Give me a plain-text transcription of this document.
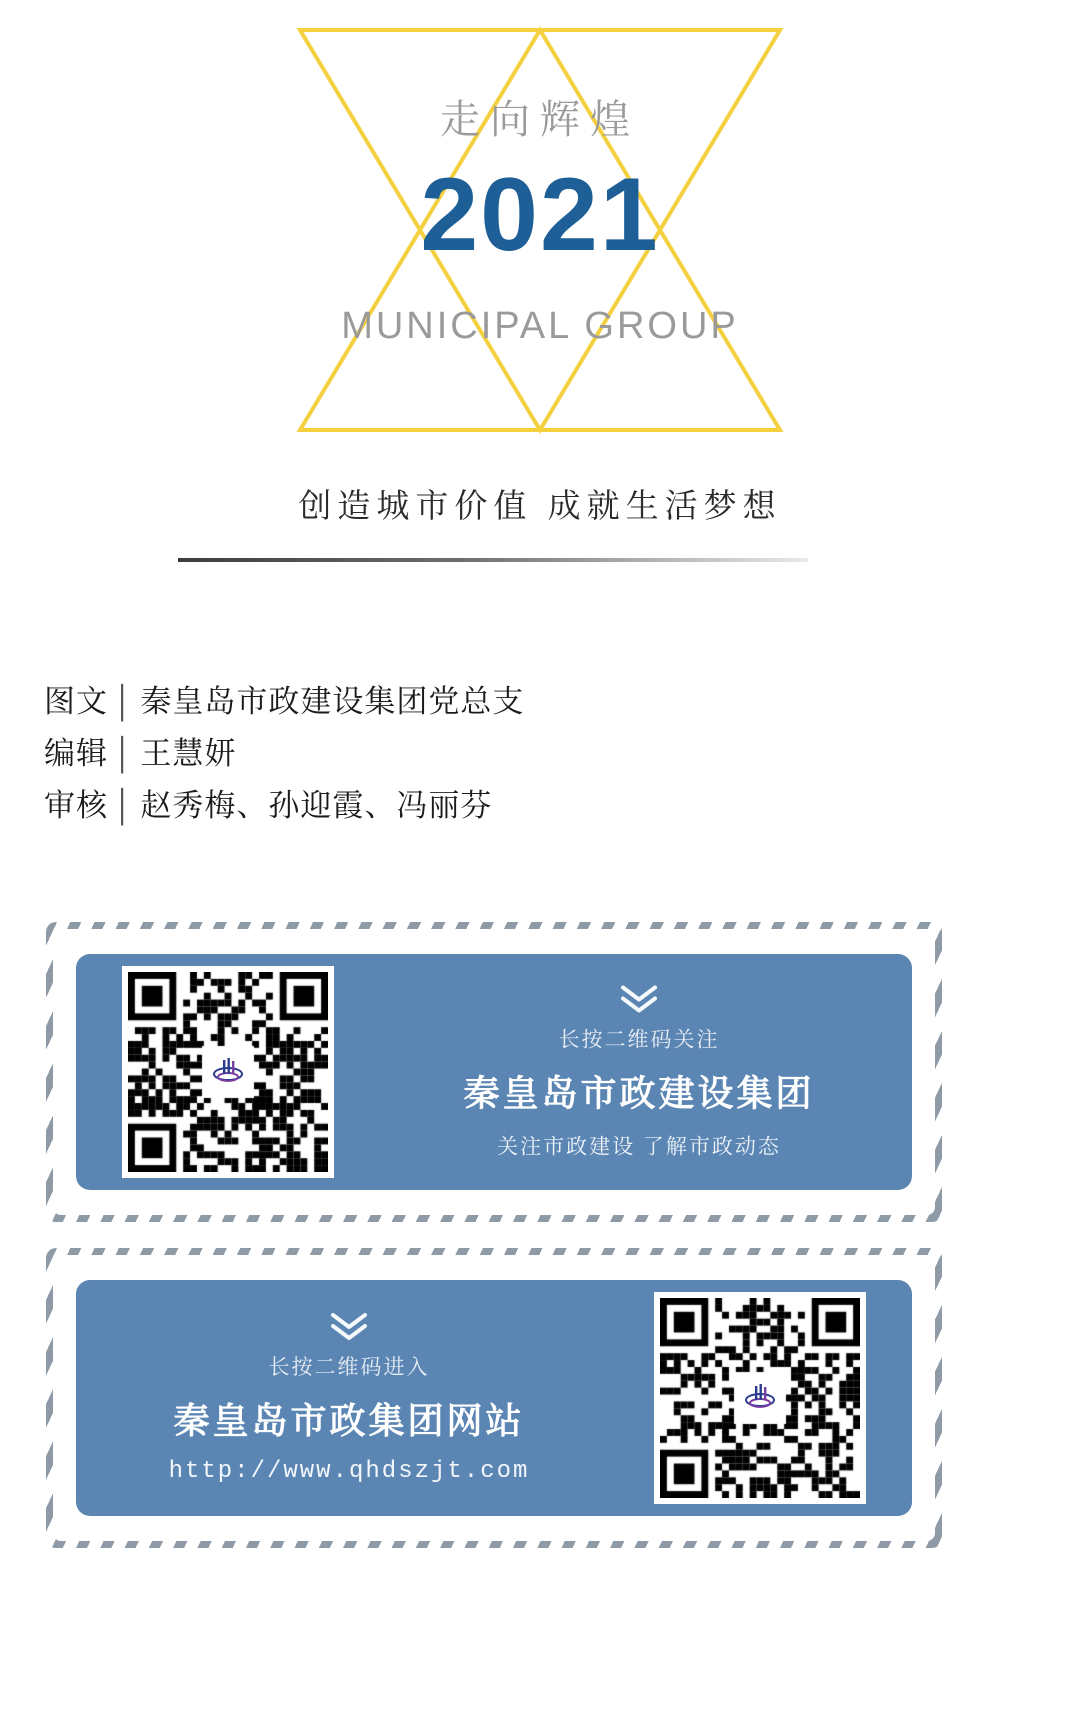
走向辉煌
2021
MUNICIPAL GROUP
创造城市价值 成就生活梦想
图文 │ 秦皇岛市政建设集团党总支
编辑 │ 王慧妍
审核 │ 赵秀梅、孙迎霞、冯丽芬
长按二维码关注
秦皇岛市政建设集团
关注市政建设 了解市政动态
长按二维码进入
秦皇岛市政集团网站
http://www.qhdszjt.com
